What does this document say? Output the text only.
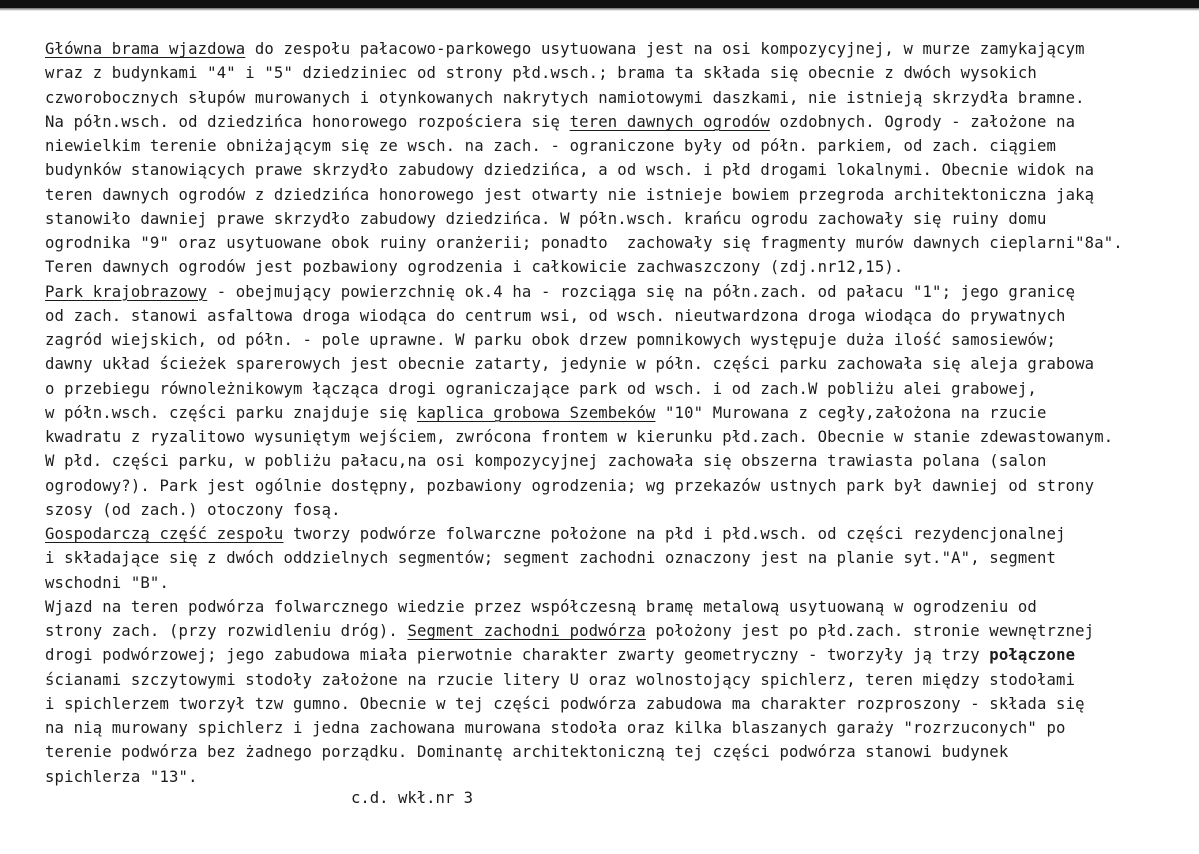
Główna brama wjazdowa do zespołu pałacowo-parkowego usytuowana jest na osi kompozycyjnej, w murze zamykającym
wraz z budynkami "4" i "5" dziedziniec od strony płd.wsch.; brama ta składa się obecnie z dwóch wysokich
czworobocznych słupów murowanych i otynkowanych nakrytych namiotowymi daszkami, nie istnieją skrzydła bramne.
Na półn.wsch. od dziedzińca honorowego rozpościera się teren dawnych ogrodów ozdobnych. Ogrody - założone na
niewielkim terenie obniżającym się ze wsch. na zach. - ograniczone były od półn. parkiem, od zach. ciągiem
budynków stanowiących prawe skrzydło zabudowy dziedzińca, a od wsch. i płd drogami lokalnymi. Obecnie widok na
teren dawnych ogrodów z dziedzińca honorowego jest otwarty nie istnieje bowiem przegroda architektoniczna jaką
stanowiło dawniej prawe skrzydło zabudowy dziedzińca. W półn.wsch. krańcu ogrodu zachowały się ruiny domu
ogrodnika "9" oraz usytuowane obok ruiny oranżerii; ponadto  zachowały się fragmenty murów dawnych cieplarni"8a".
Teren dawnych ogrodów jest pozbawiony ogrodzenia i całkowicie zachwaszczony (zdj.nr12,15).
Park krajobrazowy - obejmujący powierzchnię ok.4 ha - rozciąga się na półn.zach. od pałacu "1"; jego granicę
od zach. stanowi asfaltowa droga wiodąca do centrum wsi, od wsch. nieutwardzona droga wiodąca do prywatnych
zagród wiejskich, od półn. - pole uprawne. W parku obok drzew pomnikowych występuje duża ilość samosiewów;
dawny układ ścieżek sparerowych jest obecnie zatarty, jedynie w półn. części parku zachowała się aleja grabowa
o przebiegu równoleżnikowym łącząca drogi ograniczające park od wsch. i od zach.W pobliżu alei grabowej,
w półn.wsch. części parku znajduje się kaplica grobowa Szembeków "10" Murowana z cegły,założona na rzucie
kwadratu z ryzalitowo wysuniętym wejściem, zwrócona frontem w kierunku płd.zach. Obecnie w stanie zdewastowanym.
W płd. części parku, w pobliżu pałacu,na osi kompozycyjnej zachowała się obszerna trawiasta polana (salon
ogrodowy?). Park jest ogólnie dostępny, pozbawiony ogrodzenia; wg przekazów ustnych park był dawniej od strony
szosy (od zach.) otoczony fosą.
Gospodarczą część zespołu tworzy podwórze folwarczne położone na płd i płd.wsch. od części rezydencjonalnej
i składające się z dwóch oddzielnych segmentów; segment zachodni oznaczony jest na planie syt."A", segment
wschodni "B".
Wjazd na teren podwórza folwarcznego wiedzie przez współczesną bramę metalową usytuowaną w ogrodzeniu od
strony zach. (przy rozwidleniu dróg). Segment zachodni podwórza położony jest po płd.zach. stronie wewnętrznej
drogi podwórzowej; jego zabudowa miała pierwotnie charakter zwarty geometryczny - tworzyły ją trzy połączone
ścianami szczytowymi stodoły założone na rzucie litery U oraz wolnostojący spichlerz, teren między stodołami
i spichlerzem tworzył tzw gumno. Obecnie w tej części podwórza zabudowa ma charakter rozproszony - składa się
na nią murowany spichlerz i jedna zachowana murowana stodoła oraz kilka blaszanych garaży "rozrzuconych" po
terenie podwórza bez żadnego porządku. Dominantę architektoniczną tej części podwórza stanowi budynek
spichlerza "13".
c.d. wkł.nr 3
